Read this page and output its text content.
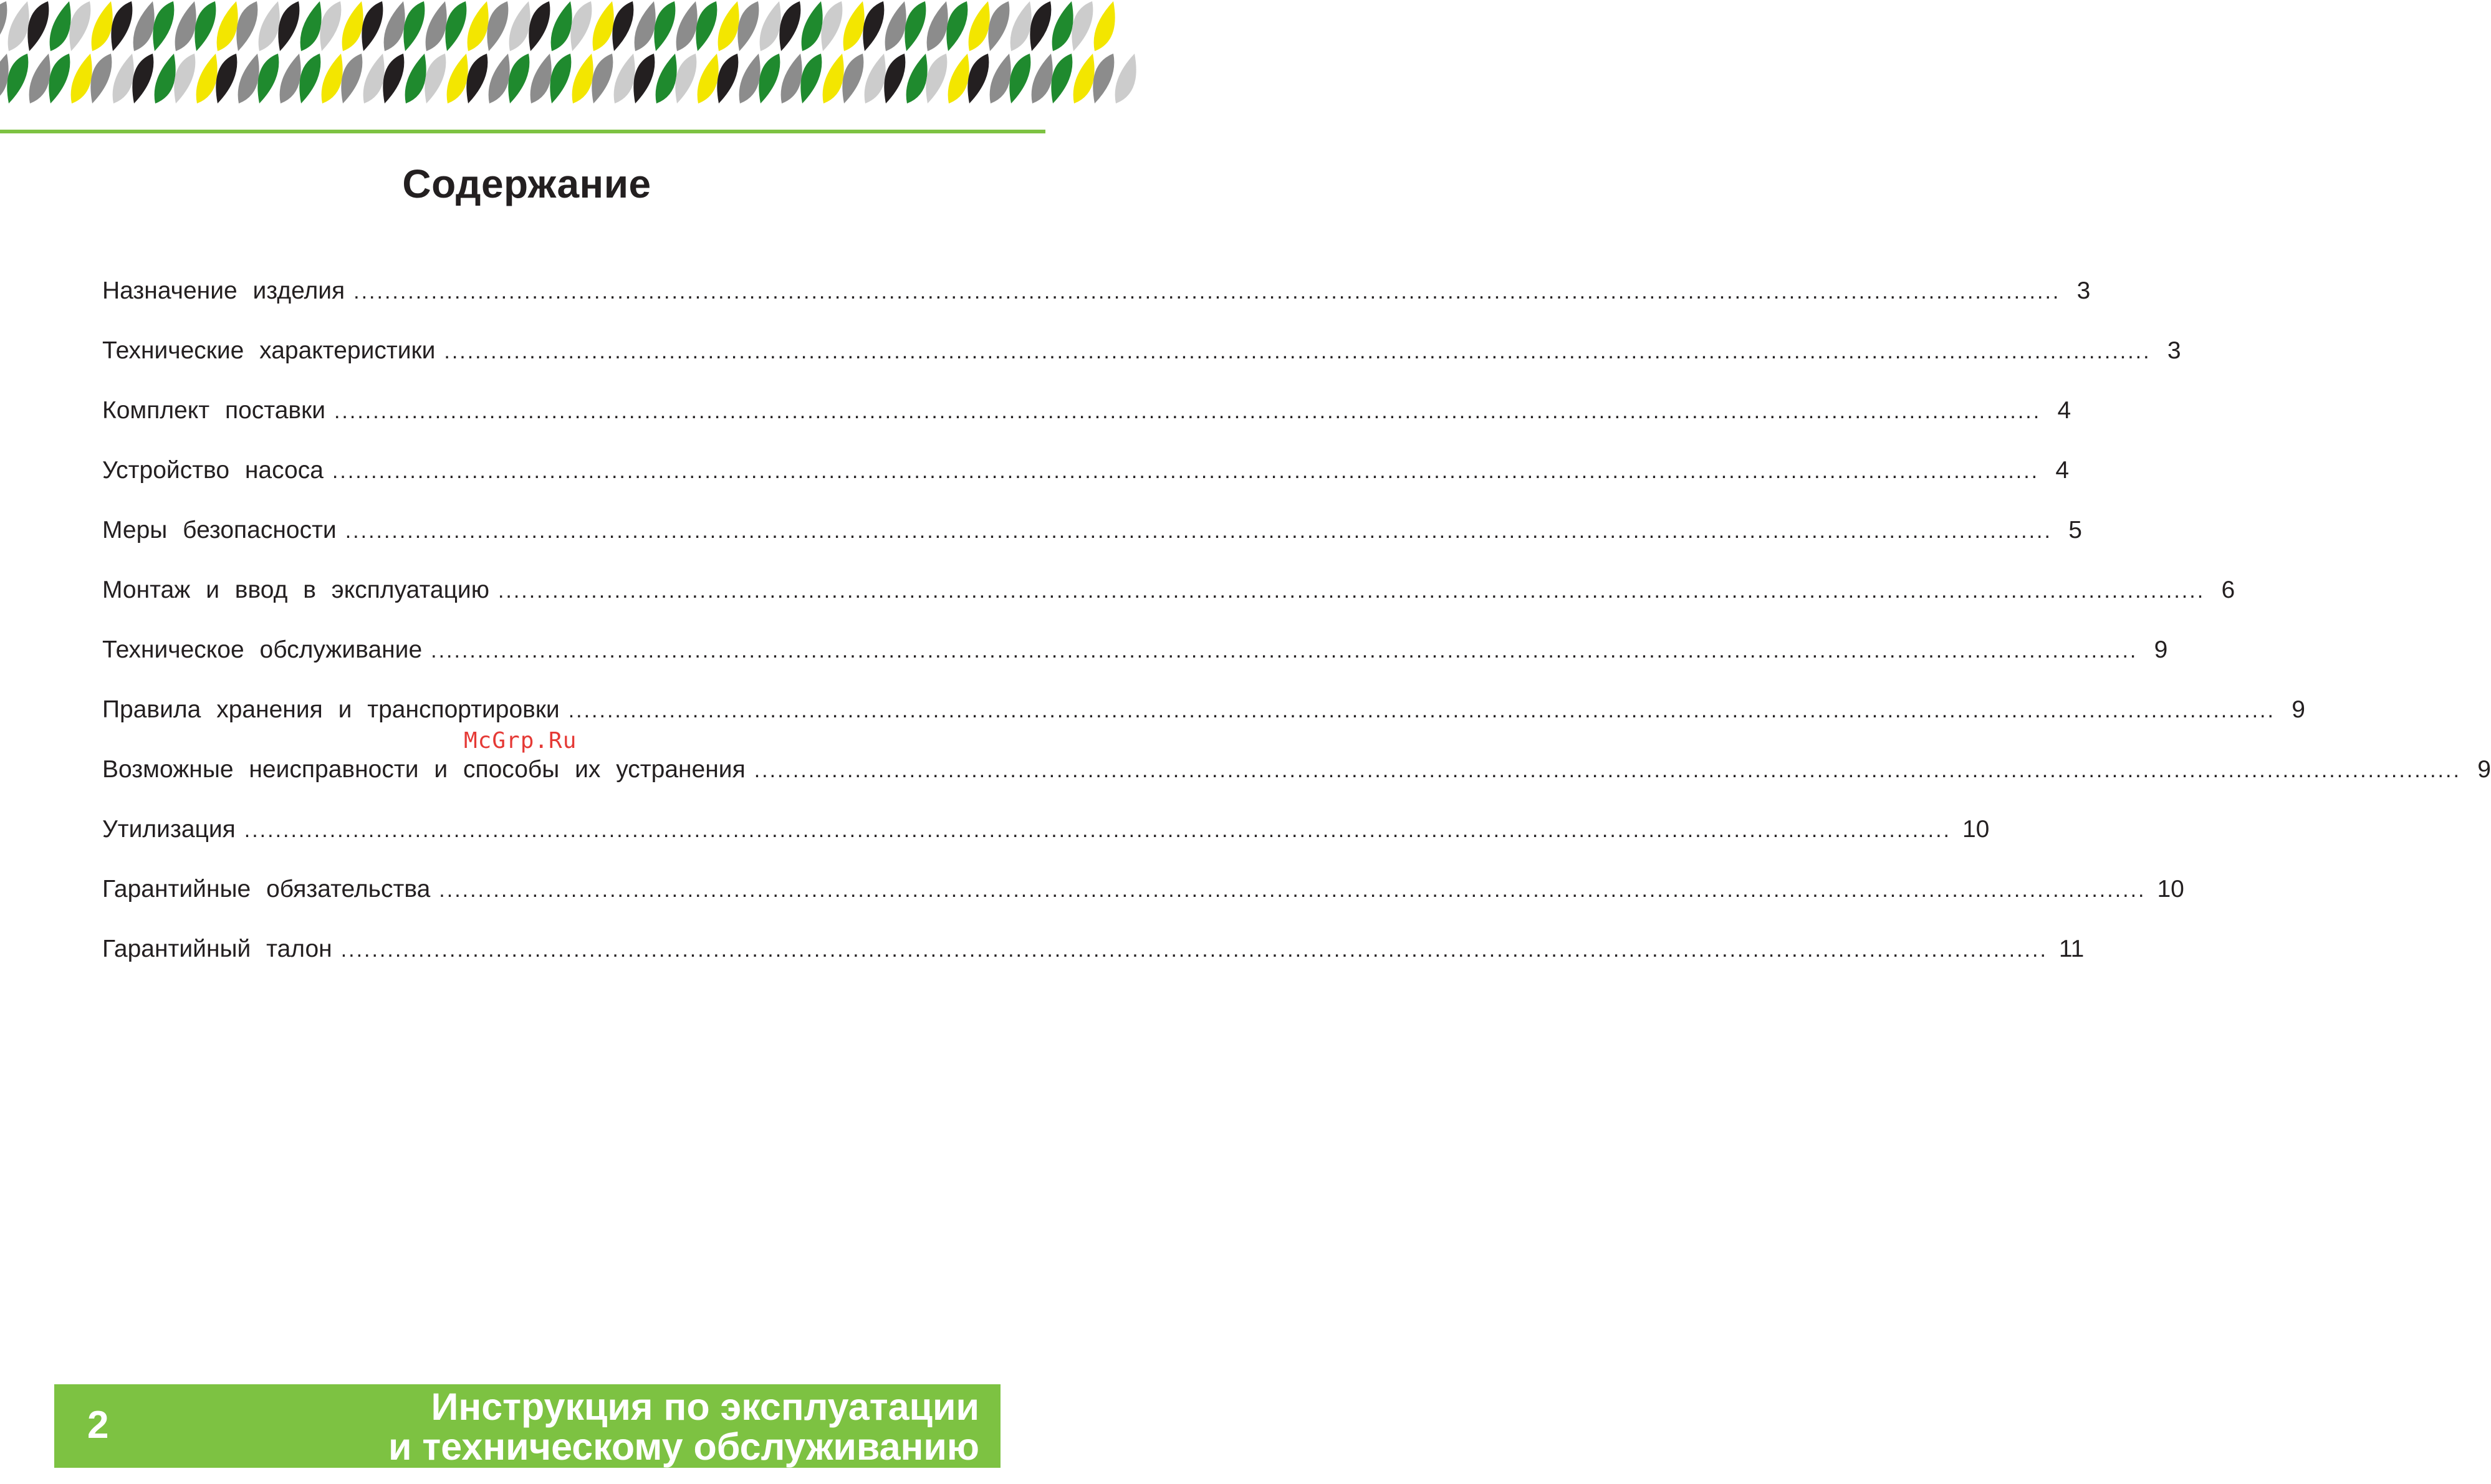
Содержание
Назначение изделия ............................................................................................................................................................................................................................ 3
Технические характеристики ............................................................................................................................................................................................................................ 3
Комплект поставки ............................................................................................................................................................................................................................ 4
Устройство насоса ............................................................................................................................................................................................................................ 4
Меры безопасности ............................................................................................................................................................................................................................ 5
Монтаж и ввод в эксплуатацию ............................................................................................................................................................................................................................ 6
Техническое обслуживание ............................................................................................................................................................................................................................ 9
Правила хранения и транспортировки ............................................................................................................................................................................................................................ 9
Возможные неисправности и способы их устранения ............................................................................................................................................................................................................................ 9
Утилизация ............................................................................................................................................................................................................................ 10
Гарантийные обязательства ............................................................................................................................................................................................................................ 10
Гарантийный талон ............................................................................................................................................................................................................................ 11
McGrp.Ru
2	Инструкция по эксплуатации
и техническому обслуживанию
